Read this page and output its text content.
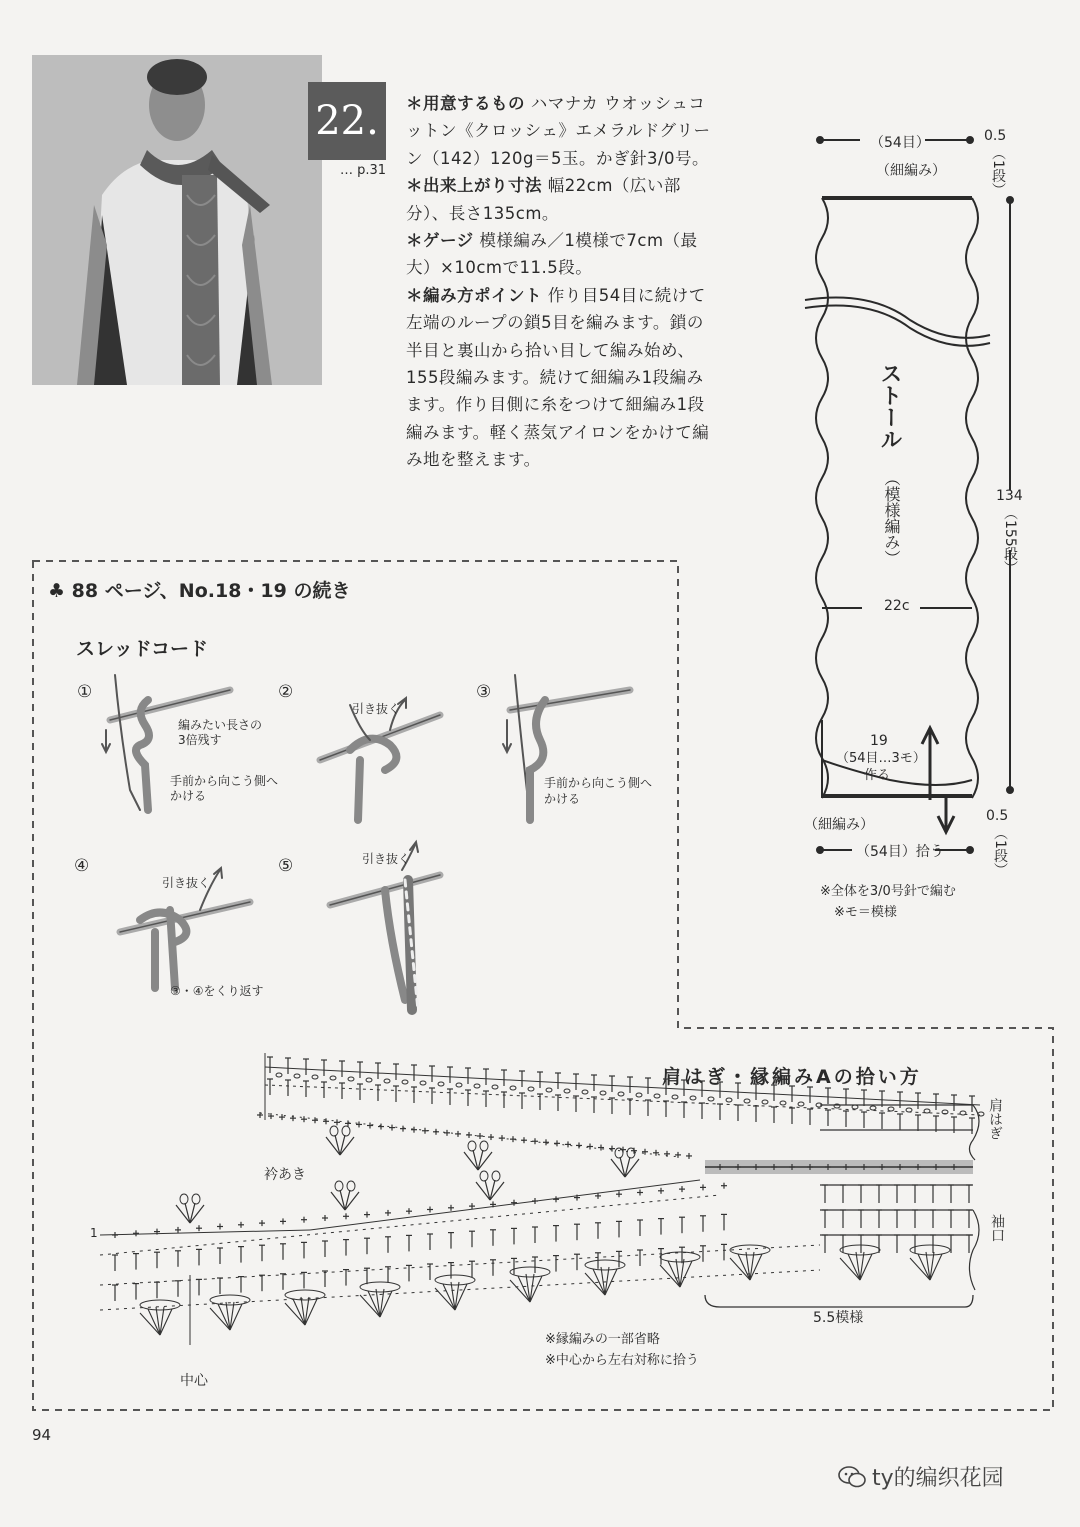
22.
… p.31

＊用意するもの ハマナカ ウオッシュコットン《クロッシェ》エメラルドグリーン（142）120g＝5玉。かぎ針3/0号。

＊出来上がり寸法 幅22cm（広い部分）、長さ135cm。

＊ゲージ 模様編み／1模様で7cm（最大）×10cmで11.5段。

＊編み方ポイント 作り目54目に続けて左端のループの鎖5目を編みます。鎖の半目と裏山から拾い目して編み始め、155段編みます。続けて細編み1段編みます。作り目側に糸をつけて細編み1段編みます。軽く蒸気アイロンをかけて編み地を整えます。

（54目）
（細編み）
0.5
（1段）
ストール
（模様編み）
22c
134
（155段）
19
（54目…3モ）
作る
（細編み）
（54目）拾う
0.5
（1段）
※全体を3/0号針で編む
※モ＝模様
♣ 88 ページ、No.18・19 の続き
スレッドコード
①
編みたい長さの
3倍残す
手前から向こう側へ
かける
②
引き抜く
③
手前から向こう側へ
かける
④
引き抜く
③・④をくり返す
⑤	引き抜く
肩はぎ・縁編みAの拾い方
衿あき
肩はぎ
袖口
5.5模様
中心
1
※縁編みの一部省略
※中心から左右対称に拾う
94
ty的编织花园
